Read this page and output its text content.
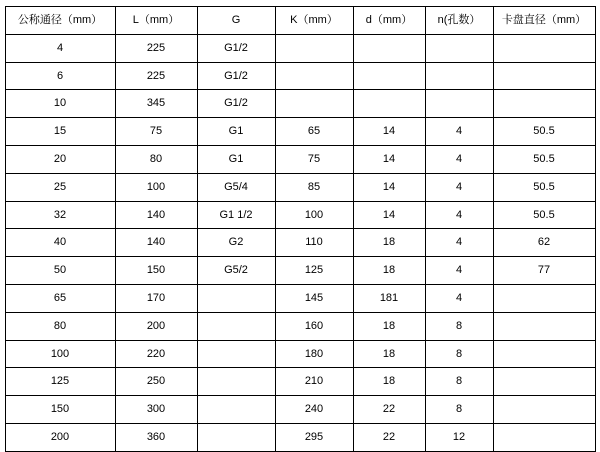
公称通径（mm）	L（mm）	G	K（mm）	d（mm）	n(孔数）	卡盘直径（mm）
4	225	G1/2				
6	225	G1/2				
10	345	G1/2				
15	75	G1	65	14	4	50.5
20	80	G1	75	14	4	50.5
25	100	G5/4	85	14	4	50.5
32	140	G1 1/2	100	14	4	50.5
40	140	G2	110	18	4	62
50	150	G5/2	125	18	4	77
65	170		145	181	4	
80	200		160	18	8	
100	220		180	18	8	
125	250		210	18	8	
150	300		240	22	8	
200	360		295	22	12	
